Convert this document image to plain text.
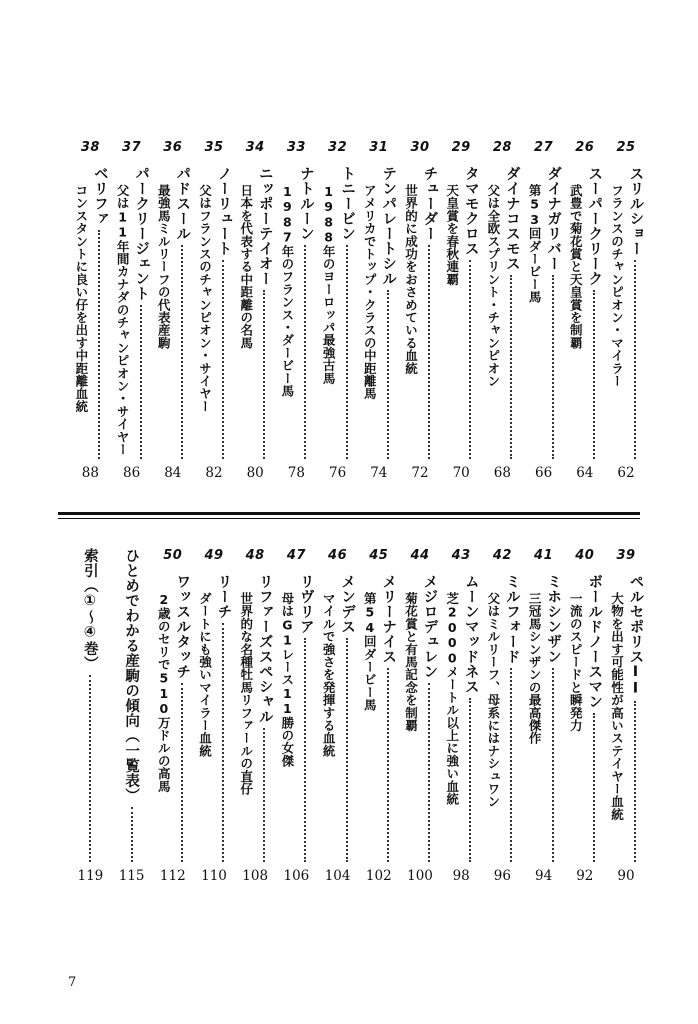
25
スリルショー
フランスのチャンピオン・マイラー
62
26
スーパークリーク
武豊で菊花賞と天皇賞を制覇
64
27
ダイナガリバー
第53回ダービー馬
66
28
ダイナコスモス
父は全欧スプリント・チャンピオン
68
29
タマモクロス
天皇賞を春秋連覇
70
30
チューダー
世界的に成功をおさめている血統
72
31
テンパレートシル
アメリカでトップ・クラスの中距離馬
74
32
トニービン
1988年のヨーロッパ最強古馬
76
33
ナトルーン
1987年のフランス・ダービー馬
78
34
ニッポーテイオー
日本を代表する中距離の名馬
80
35
ノーリュート
父はフランスのチャンピオン・サイヤー
82
36
パドスール
最強馬ミルリーフの代表産駒
84
37
パークリージェント
父は11年間カナダのチャンピオン・サイヤー
86
38
ベリファ
コンスタントに良い仔を出す中距離血統
88
39
ペルセポリスII
大物を出す可能性が高いステイヤー血統
90
40
ボールドノースマン
一流のスピードと瞬発力
92
41
ミホシンザン
三冠馬シンザンの最高傑作
94
42
ミルフォード
父はミルリーフ、母系にはナシュワン
96
43
ムーンマッドネス
芝2000メートル以上に強い血統
98
44
メジロデュレン
菊花賞と有馬記念を制覇
100
45
メリーナイス
第54回ダービー馬
102
46
メンデス
マイルで強さを発揮する血統
104
47
リヴリア
母はG1レース11勝の女傑
106
48
リファーズスペシャル
世界的な名種牡馬リファールの直仔
108
49
リーチ
ダートにも強いマイラー血統
110
50
ワッスルタッチ
2歳のセリで510万ドルの高馬
112
ひとめでわかる産駒の傾向（一覧表）
115
索引（①〜④巻）
119
7
